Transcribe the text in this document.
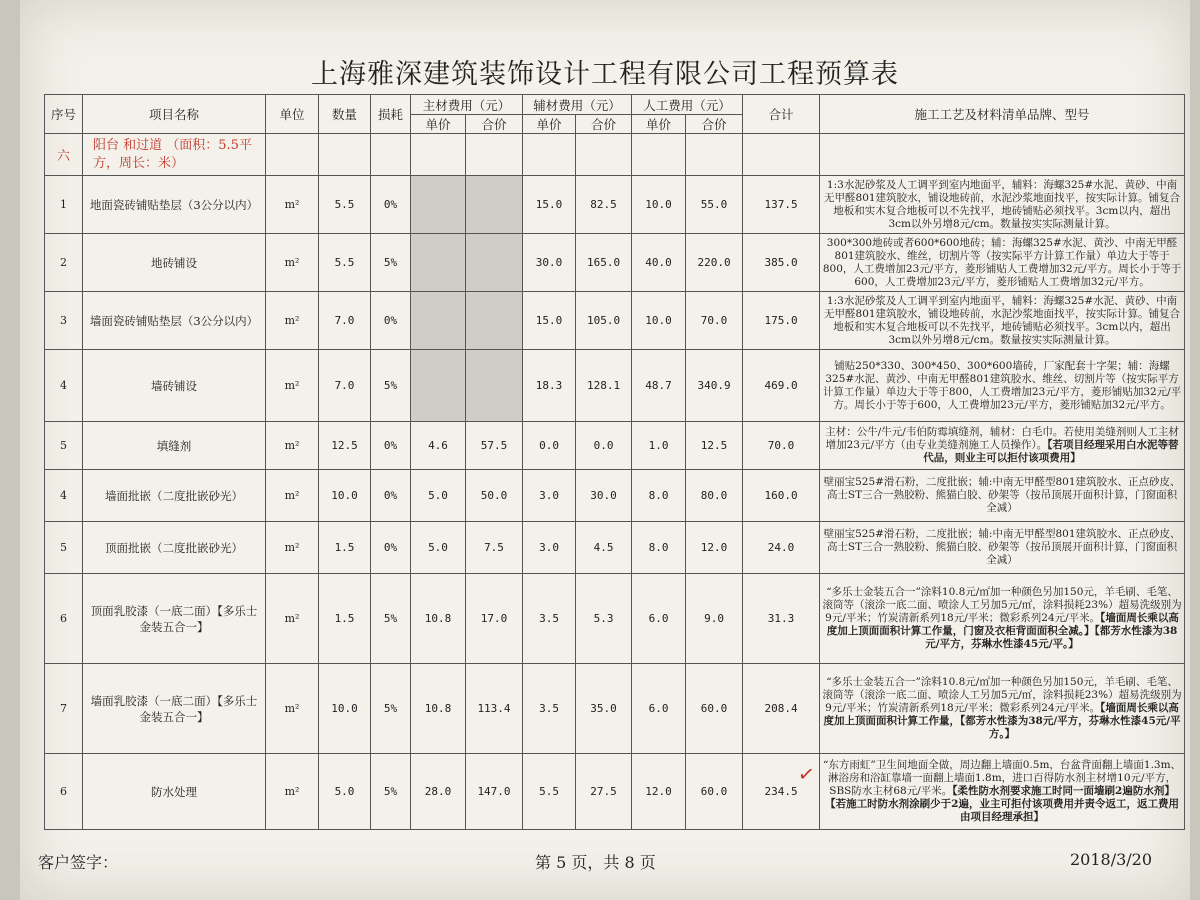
上海雅深建筑装饰设计工程有限公司工程预算表
序号	项目名称	单位	数量	损耗	主材费用（元）		辅材费用（元）		人工费用（元）		合计	施工工艺及材料清单品牌、型号
					单价	合价	单价	合价	单价	合价		
六	阳台 和过道 （面积：5.5平方，周长：米）											
1	地面瓷砖铺贴垫层（3公分以内）	m²	5.5	0%			15.0	82.5	10.0	55.0	137.5	1:3水泥砂浆及人工调平到室内地面平，辅料：海螺325#水泥、黄砂、中南无甲醛801建筑胶水，铺设地砖前，水泥沙浆地面找平，按实际计算。铺复合地板和实木复合地板可以不先找平，地砖铺贴必须找平。3cm以内，超出3cm以外另增8元/cm。数量按实实际测量计算。
2	地砖铺设	m²	5.5	5%			30.0	165.0	40.0	220.0	385.0	300*300地砖或者600*600地砖；辅：海螺325#水泥、黄沙、中南无甲醛801建筑胶水、维丝，切割片等（按实际平方计算工作量）单边大于等于800，人工费增加23元/平方，菱形铺贴人工费增加32元/平方。周长小于等于600，人工费增加23元/平方，菱形铺贴人工费增加32元/平方。
3	墙面瓷砖铺贴垫层（3公分以内）	m²	7.0	0%			15.0	105.0	10.0	70.0	175.0	1:3水泥砂浆及人工调平到室内地面平，辅料：海螺325#水泥、黄砂、中南无甲醛801建筑胶水，铺设地砖前，水泥沙浆地面找平，按实际计算。铺复合地板和实木复合地板可以不先找平，地砖铺贴必须找平。3cm以内，超出3cm以外另增8元/cm。数量按实实际测量计算。
4	墙砖铺设	m²	7.0	5%			18.3	128.1	48.7	340.9	469.0	铺贴250*330、300*450、300*600墙砖，厂家配套十字架；辅：海螺325#水泥、黄沙、中南无甲醛801建筑胶水、维丝、切割片等（按实际平方计算工作量）单边大于等于800，人工费增加23元/平方，菱形铺贴加32元/平方。周长小于等于600，人工费增加23元/平方，菱形铺贴加32元/平方。
5	填缝剂	m²	12.5	0%	4.6	57.5	0.0	0.0	1.0	12.5	70.0	主材：公牛/牛元/韦伯防霉填缝剂，辅材：白毛巾。若使用美缝剂则人工主材增加23元/平方（由专业美缝剂施工人员操作）。【若项目经理采用白水泥等替代品，则业主可以拒付该项费用】
4	墙面批嵌（二度批嵌砂光）	m²	10.0	0%	5.0	50.0	3.0	30.0	8.0	80.0	160.0	壁丽宝525#滑石粉，二度批嵌；辅:中南无甲醛型801建筑胶水、正点砂皮、高士ST三合一熟胶粉、熊猫白胶、砂架等（按吊顶展开面积计算，门窗面积全减）
5	顶面批嵌（二度批嵌砂光）	m²	1.5	0%	5.0	7.5	3.0	4.5	8.0	12.0	24.0	壁丽宝525#滑石粉，二度批嵌；辅:中南无甲醛型801建筑胶水、正点砂皮、高士ST三合一熟胶粉、熊猫白胶、砂架等（按吊顶展开面积计算，门窗面积全减）
6	顶面乳胶漆（一底二面）【多乐士金装五合一】	m²	1.5	5%	10.8	17.0	3.5	5.3	6.0	9.0	31.3	“多乐士金装五合一”涂料10.8元/㎡加一种颜色另加150元，羊毛刷、毛笔、滚筒等（滚涂一底二面、喷涂人工另加5元/㎡，涂料损耗23%）超易洗级别为9元/平米；竹炭清新系列18元/平米；微彩系列24元/平米。【墙面周长乘以高度加上顶面面积计算工作量，门窗及衣柜背面面积全减。】【都芳水性漆为38元/平方，芬琳水性漆45元/平。】
7	墙面乳胶漆（一底二面）【多乐士金装五合一】	m²	10.0	5%	10.8	113.4	3.5	35.0	6.0	60.0	208.4	“多乐士金装五合一”涂料10.8元/㎡加一种颜色另加150元，羊毛刷、毛笔、滚筒等（滚涂一底二面、喷涂人工另加5元/㎡，涂料损耗23%）超易洗级别为9元/平米；竹炭清新系列18元/平米；微彩系列24元/平米。【墙面周长乘以高度加上顶面面积计算工作量，【都芳水性漆为38元/平方，芬琳水性漆45元/平方。】
6	防水处理	m²	5.0	5%	28.0	147.0	5.5	27.5	12.0	60.0	234.5	“东方雨虹”卫生间地面全做，周边翻上墙面0.5m，台盆背面翻上墙面1.3m、淋浴房和浴缸靠墙一面翻上墙面1.8m，进口百得防水剂主材增10元/平方，SBS防水主材68元/平米。【柔性防水剂要求施工时同一面墙刷2遍防水剂】【若施工时防水剂涂刷少于2遍，业主可拒付该项费用并责令返工，返工费用由项目经理承担】
✓
客户签字：	第 5 页，共 8 页	2018/3/20
